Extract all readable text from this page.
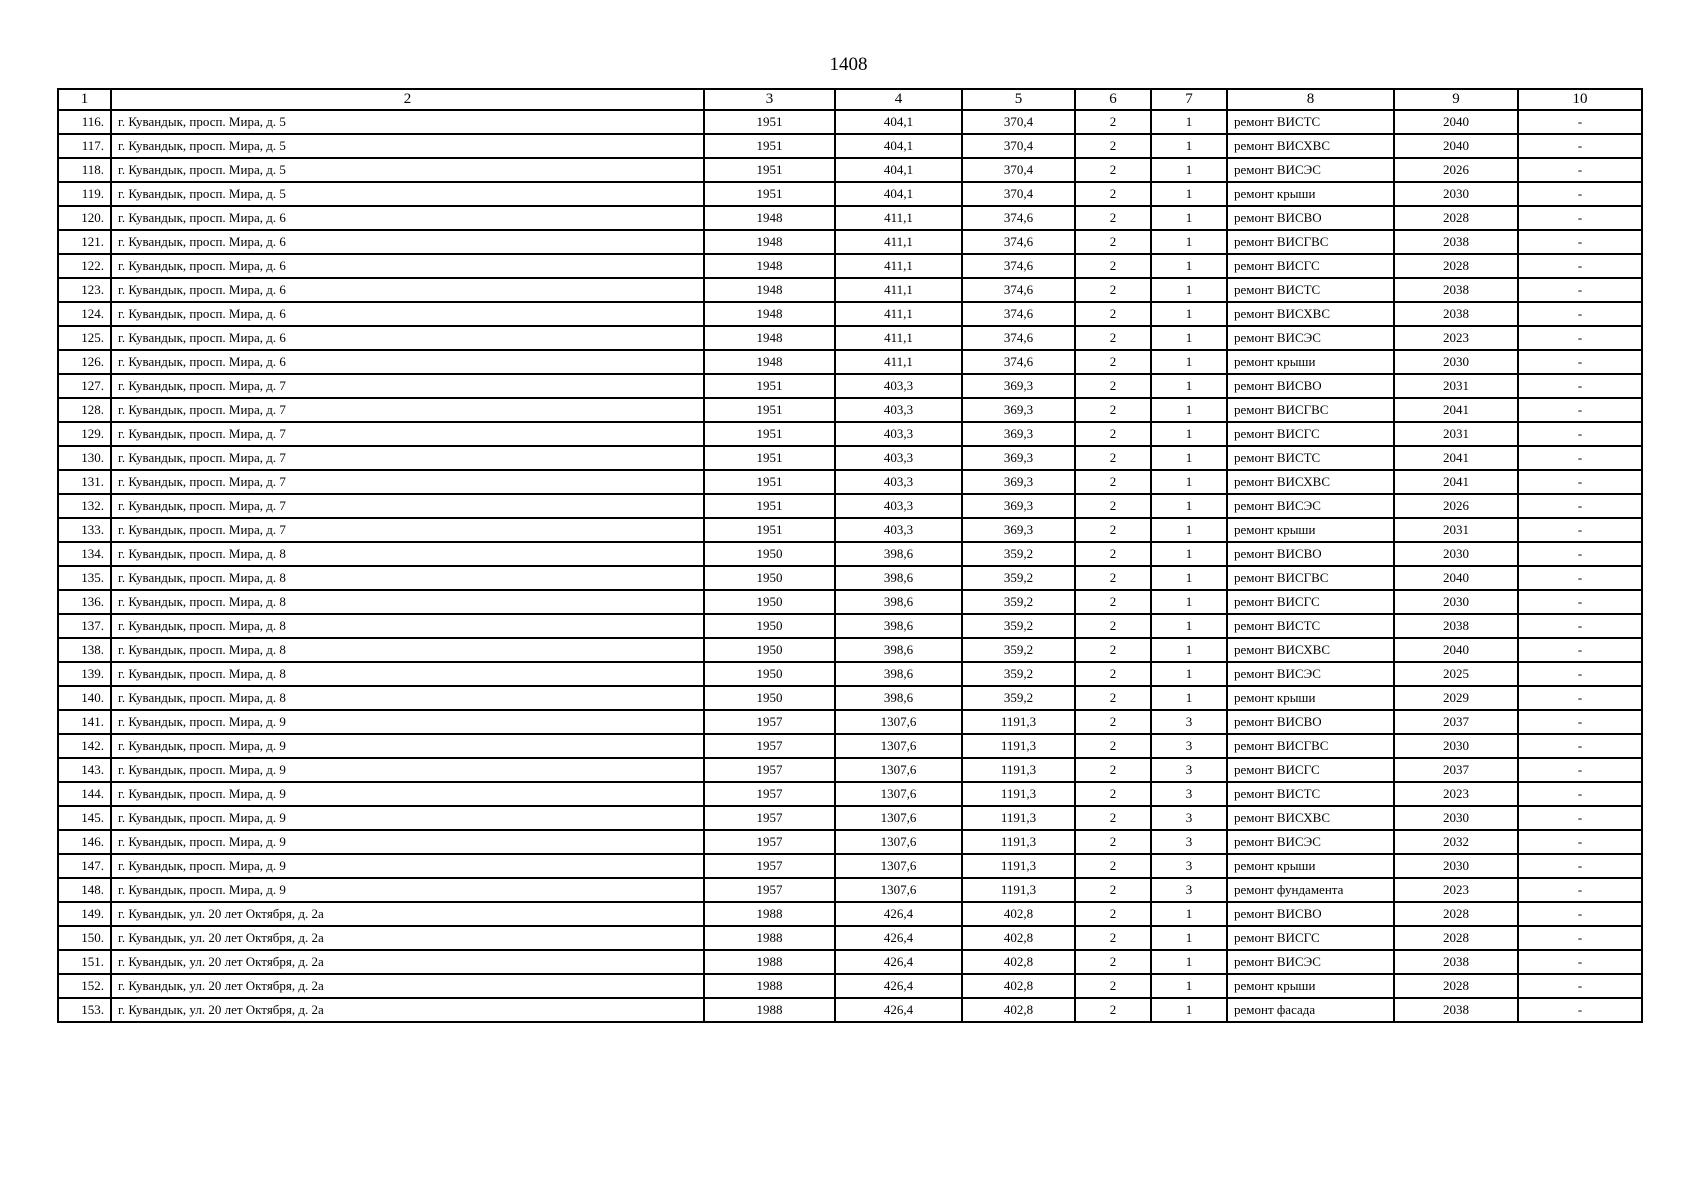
1408
1	2	3	4	5	6	7	8	9	10
116.	г. Кувандык, просп. Мира, д. 5	1951	404,1	370,4	2	1	ремонт ВИСТС	2040	-
117.	г. Кувандык, просп. Мира, д. 5	1951	404,1	370,4	2	1	ремонт ВИСХВС	2040	-
118.	г. Кувандык, просп. Мира, д. 5	1951	404,1	370,4	2	1	ремонт ВИСЭС	2026	-
119.	г. Кувандык, просп. Мира, д. 5	1951	404,1	370,4	2	1	ремонт крыши	2030	-
120.	г. Кувандык, просп. Мира, д. 6	1948	411,1	374,6	2	1	ремонт ВИСВО	2028	-
121.	г. Кувандык, просп. Мира, д. 6	1948	411,1	374,6	2	1	ремонт ВИСГВС	2038	-
122.	г. Кувандык, просп. Мира, д. 6	1948	411,1	374,6	2	1	ремонт ВИСГС	2028	-
123.	г. Кувандык, просп. Мира, д. 6	1948	411,1	374,6	2	1	ремонт ВИСТС	2038	-
124.	г. Кувандык, просп. Мира, д. 6	1948	411,1	374,6	2	1	ремонт ВИСХВС	2038	-
125.	г. Кувандык, просп. Мира, д. 6	1948	411,1	374,6	2	1	ремонт ВИСЭС	2023	-
126.	г. Кувандык, просп. Мира, д. 6	1948	411,1	374,6	2	1	ремонт крыши	2030	-
127.	г. Кувандык, просп. Мира, д. 7	1951	403,3	369,3	2	1	ремонт ВИСВО	2031	-
128.	г. Кувандык, просп. Мира, д. 7	1951	403,3	369,3	2	1	ремонт ВИСГВС	2041	-
129.	г. Кувандык, просп. Мира, д. 7	1951	403,3	369,3	2	1	ремонт ВИСГС	2031	-
130.	г. Кувандык, просп. Мира, д. 7	1951	403,3	369,3	2	1	ремонт ВИСТС	2041	-
131.	г. Кувандык, просп. Мира, д. 7	1951	403,3	369,3	2	1	ремонт ВИСХВС	2041	-
132.	г. Кувандык, просп. Мира, д. 7	1951	403,3	369,3	2	1	ремонт ВИСЭС	2026	-
133.	г. Кувандык, просп. Мира, д. 7	1951	403,3	369,3	2	1	ремонт крыши	2031	-
134.	г. Кувандык, просп. Мира, д. 8	1950	398,6	359,2	2	1	ремонт ВИСВО	2030	-
135.	г. Кувандык, просп. Мира, д. 8	1950	398,6	359,2	2	1	ремонт ВИСГВС	2040	-
136.	г. Кувандык, просп. Мира, д. 8	1950	398,6	359,2	2	1	ремонт ВИСГС	2030	-
137.	г. Кувандык, просп. Мира, д. 8	1950	398,6	359,2	2	1	ремонт ВИСТС	2038	-
138.	г. Кувандык, просп. Мира, д. 8	1950	398,6	359,2	2	1	ремонт ВИСХВС	2040	-
139.	г. Кувандык, просп. Мира, д. 8	1950	398,6	359,2	2	1	ремонт ВИСЭС	2025	-
140.	г. Кувандык, просп. Мира, д. 8	1950	398,6	359,2	2	1	ремонт крыши	2029	-
141.	г. Кувандык, просп. Мира, д. 9	1957	1307,6	1191,3	2	3	ремонт ВИСВО	2037	-
142.	г. Кувандык, просп. Мира, д. 9	1957	1307,6	1191,3	2	3	ремонт ВИСГВС	2030	-
143.	г. Кувандык, просп. Мира, д. 9	1957	1307,6	1191,3	2	3	ремонт ВИСГС	2037	-
144.	г. Кувандык, просп. Мира, д. 9	1957	1307,6	1191,3	2	3	ремонт ВИСТС	2023	-
145.	г. Кувандык, просп. Мира, д. 9	1957	1307,6	1191,3	2	3	ремонт ВИСХВС	2030	-
146.	г. Кувандык, просп. Мира, д. 9	1957	1307,6	1191,3	2	3	ремонт ВИСЭС	2032	-
147.	г. Кувандык, просп. Мира, д. 9	1957	1307,6	1191,3	2	3	ремонт крыши	2030	-
148.	г. Кувандык, просп. Мира, д. 9	1957	1307,6	1191,3	2	3	ремонт фундамента	2023	-
149.	г. Кувандык, ул. 20 лет Октября, д. 2а	1988	426,4	402,8	2	1	ремонт ВИСВО	2028	-
150.	г. Кувандык, ул. 20 лет Октября, д. 2а	1988	426,4	402,8	2	1	ремонт ВИСГС	2028	-
151.	г. Кувандык, ул. 20 лет Октября, д. 2а	1988	426,4	402,8	2	1	ремонт ВИСЭС	2038	-
152.	г. Кувандык, ул. 20 лет Октября, д. 2а	1988	426,4	402,8	2	1	ремонт крыши	2028	-
153.	г. Кувандык, ул. 20 лет Октября, д. 2а	1988	426,4	402,8	2	1	ремонт фасада	2038	-
